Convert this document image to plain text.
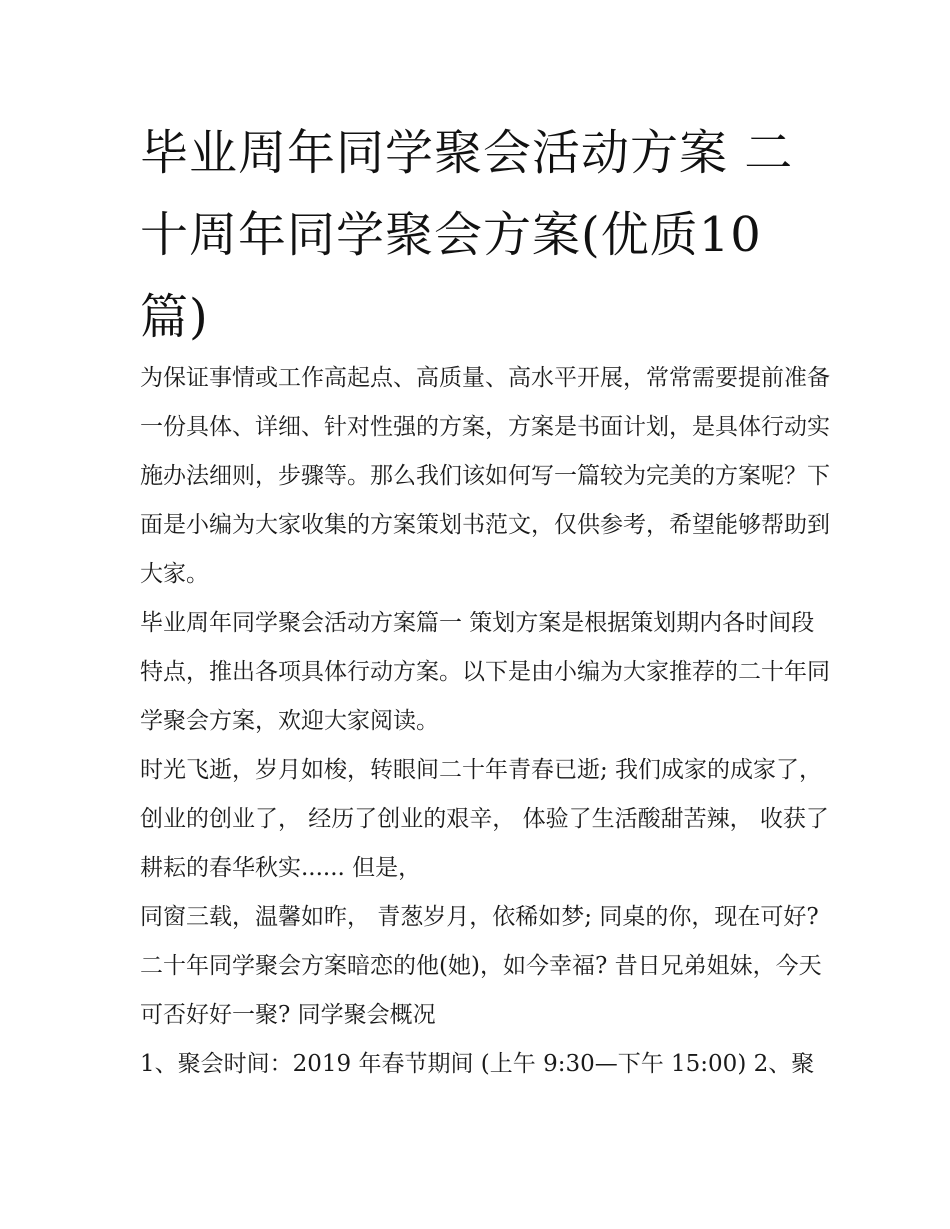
毕业周年同学聚会活动方案 二十周年同学聚会方案(优质10篇)

为保证事情或工作高起点、高质量、高水平开展，常常需要提前准备一份具体、详细、针对性强的方案，方案是书面计划，是具体行动实施办法细则，步骤等。那么我们该如何写一篇较为完美的方案呢？下面是小编为大家收集的方案策划书范文，仅供参考，希望能够帮助到大家。

毕业周年同学聚会活动方案篇一 策划方案是根据策划期内各时间段特点，推出各项具体行动方案。以下是由小编为大家推荐的二十年同学聚会方案，欢迎大家阅读。

时光飞逝，岁月如梭，转眼间二十年青春已逝; 我们成家的成家了， 创业的创业了， 经历了创业的艰辛， 体验了生活酸甜苦辣， 收获了耕耘的春华秋实...... 但是，

同窗三载，温馨如昨， 青葱岁月，依稀如梦; 同桌的你，现在可好?二十年同学聚会方案暗恋的他(她)，如今幸福? 昔日兄弟姐妹，今天可否好好一聚? 同学聚会概况

1、聚会时间：2019 年春节期间 (上午 9:30—下午 15:00) 2、聚
